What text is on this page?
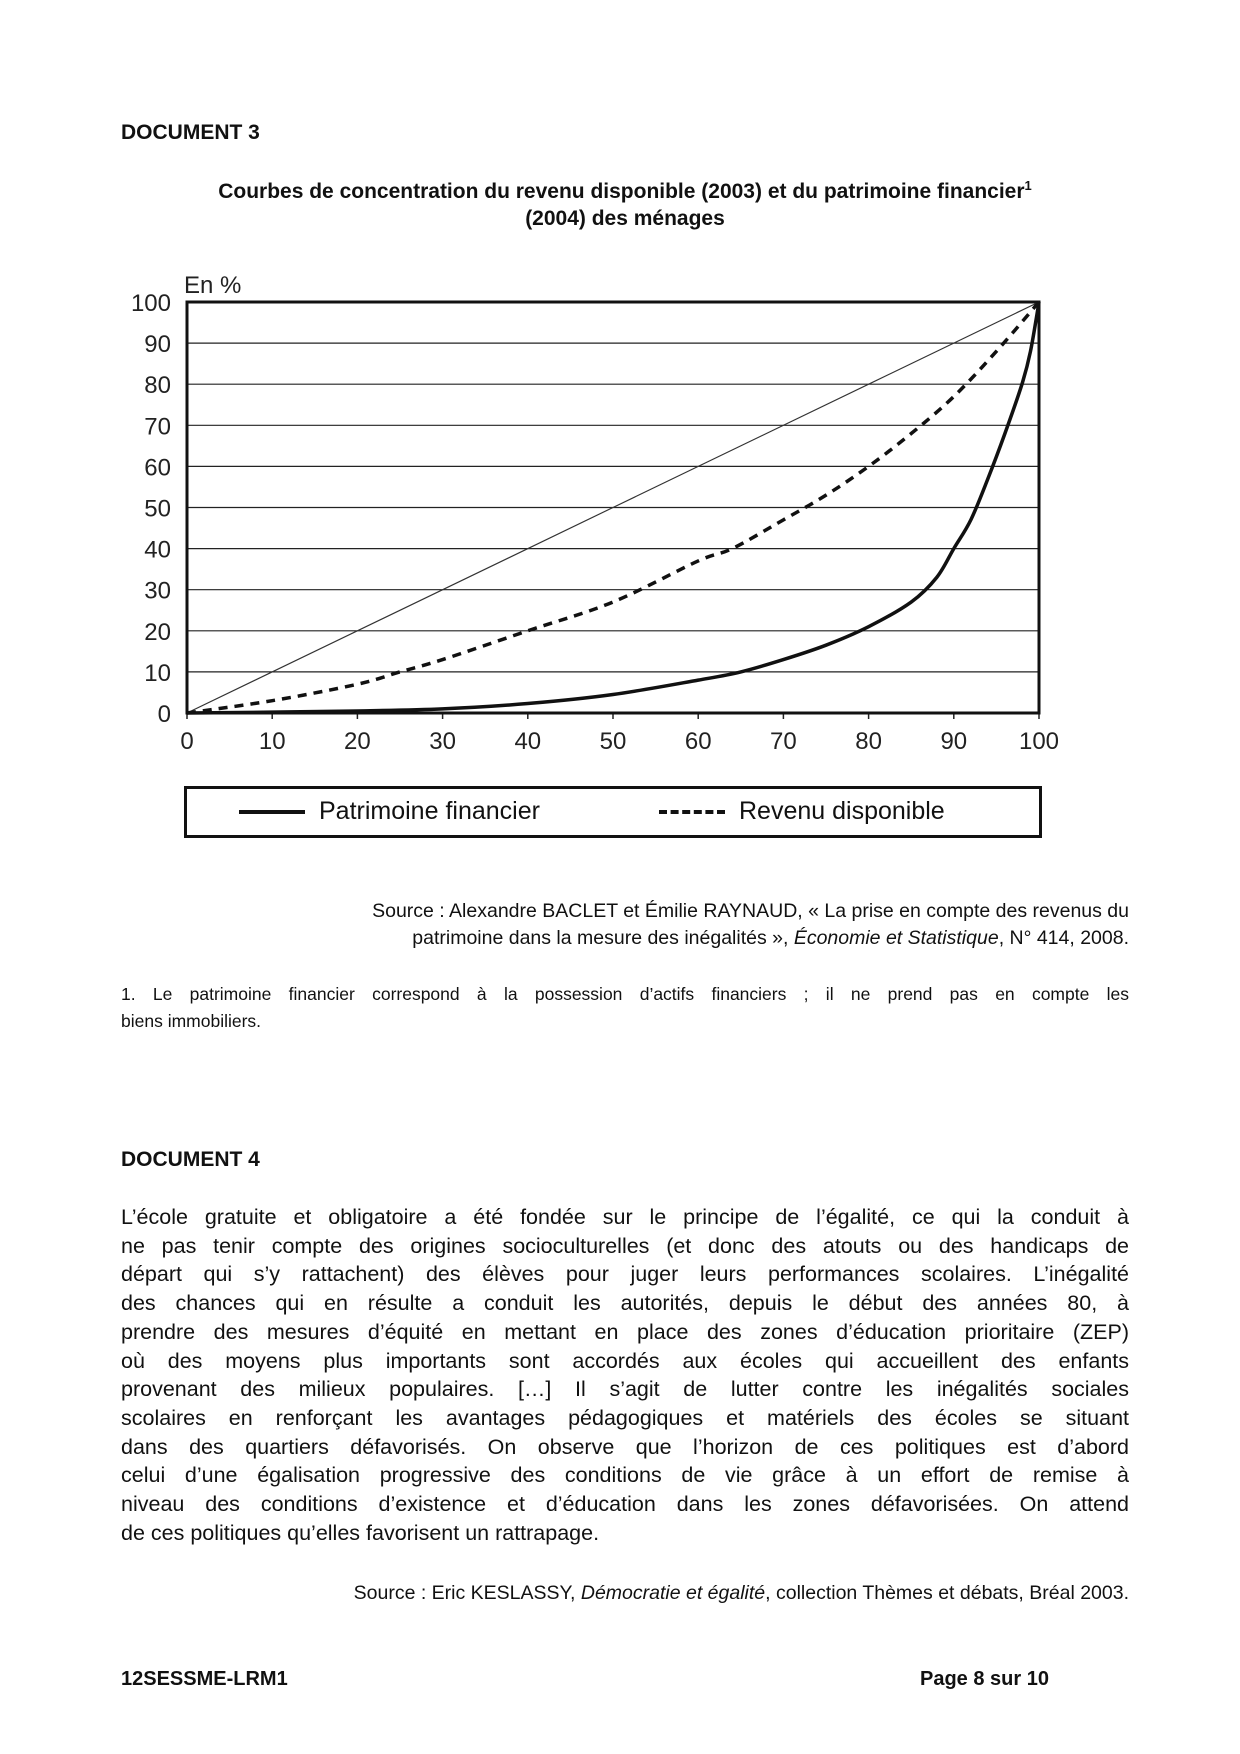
DOCUMENT 3
Courbes de concentration du revenu disponible (2003) et du patrimoine financier$^1$
(2004) des ménages
En %
0
10
20
30
40
50
60
70
80
90
100
0	10 20 30 40 50 60 70 80 90 100
Patrimoine financier	Revenu disponible
Source : Alexandre BACLET et Émilie RAYNAUD, « La prise en compte des revenus du
patrimoine dans la mesure des inégalités », Économie et Statistique, N° 414, 2008.
1. Le patrimoine financier correspond à la possession d’actifs financiers ; il ne prend pas en compte les
biens immobiliers.
DOCUMENT 4
L’école gratuite et obligatoire a été fondée sur le principe de l’égalité, ce qui la conduit à
ne pas tenir compte des origines socioculturelles (et donc des atouts ou des handicaps de
départ qui s’y rattachent) des élèves pour juger leurs performances scolaires. L’inégalité
des chances qui en résulte a conduit les autorités, depuis le début des années 80, à
prendre des mesures d’équité en mettant en place des zones d’éducation prioritaire (ZEP)
où des moyens plus importants sont accordés aux écoles qui accueillent des enfants
provenant des milieux populaires. […] Il s’agit de lutter contre les inégalités sociales
scolaires en renforçant les avantages pédagogiques et matériels des écoles se situant
dans des quartiers défavorisés. On observe que l’horizon de ces politiques est d’abord
celui d’une égalisation progressive des conditions de vie grâce à un effort de remise à
niveau des conditions d’existence et d’éducation dans les zones défavorisées. On attend
de ces politiques qu’elles favorisent un rattrapage.
Source : Eric KESLASSY, Démocratie et égalité, collection Thèmes et débats, Bréal 2003.
12SESSME-LRM1	Page 8 sur 10
